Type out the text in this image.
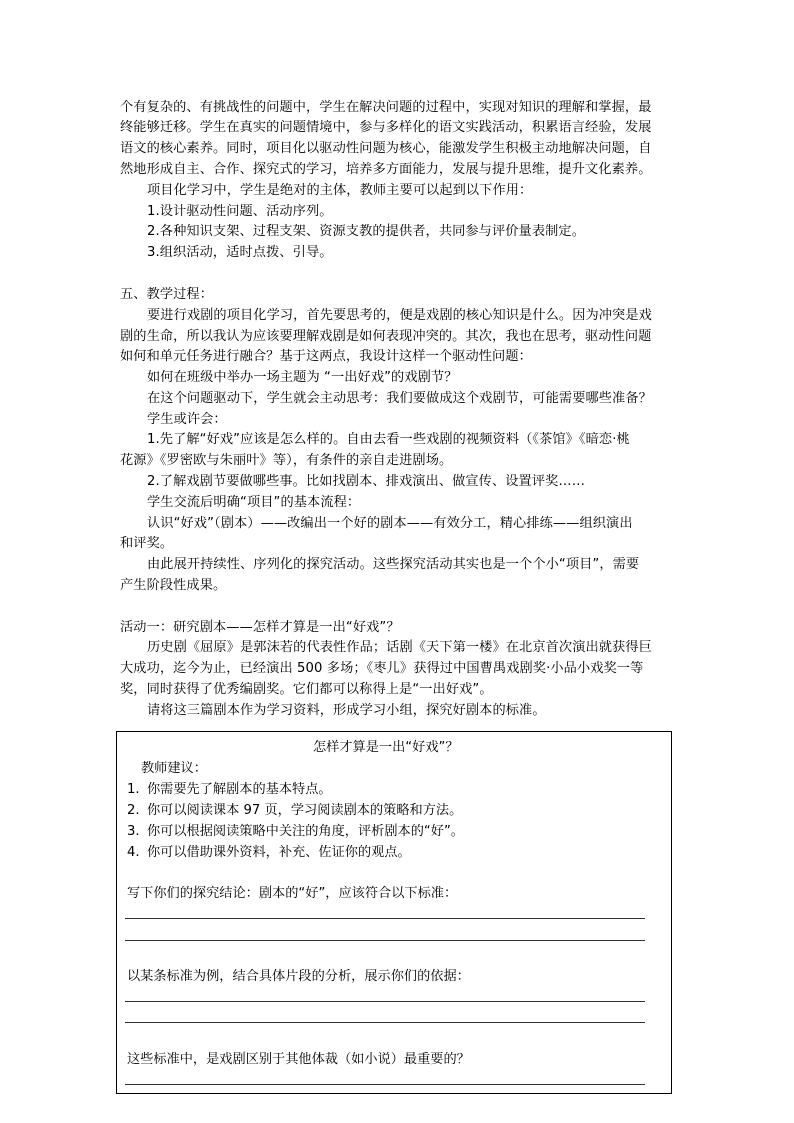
个有复杂的、有挑战性的问题中，学生在解决问题的过程中，实现对知识的理解和掌握，最
终能够迁移。学生在真实的问题情境中，参与多样化的语文实践活动，积累语言经验，发展
语文的核心素养。同时，项目化以驱动性问题为核心，能激发学生积极主动地解决问题，自
然地形成自主、合作、探究式的学习，培养多方面能力，发展与提升思维，提升文化素养。
项目化学习中，学生是绝对的主体，教师主要可以起到以下作用：
1.设计驱动性问题、活动序列。
2.各种知识支架、过程支架、资源支教的提供者，共同参与评价量表制定。
3.组织活动，适时点拨、引导。
五、教学过程：
要进行戏剧的项目化学习，首先要思考的，便是戏剧的核心知识是什么。因为冲突是戏
剧的生命，所以我认为应该要理解戏剧是如何表现冲突的。其次，我也在思考，驱动性问题
如何和单元任务进行融合？基于这两点，我设计这样一个驱动性问题：
如何在班级中举办一场主题为 “一出好戏”的戏剧节？
在这个问题驱动下，学生就会主动思考：我们要做成这个戏剧节，可能需要哪些准备？
学生或许会：
1.先了解“好戏”应该是怎么样的。自由去看一些戏剧的视频资料（《茶馆》《暗恋·桃
花源》《罗密欧与朱丽叶》等），有条件的亲自走进剧场。
2.了解戏剧节要做哪些事。比如找剧本、排戏演出、做宣传、设置评奖……
学生交流后明确“项目”的基本流程：
认识“好戏”（剧本）——改编出一个好的剧本——有效分工，精心排练——组织演出
和评奖。
由此展开持续性、序列化的探究活动。这些探究活动其实也是一个个小“项目”，需要
产生阶段性成果。
活动一：研究剧本——怎样才算是一出“好戏”？
历史剧《屈原》是郭沫若的代表性作品；话剧《天下第一楼》在北京首次演出就获得巨
大成功，迄今为止，已经演出 500 多场；《枣儿》获得过中国曹禺戏剧奖·小品小戏奖一等
奖，同时获得了优秀编剧奖。它们都可以称得上是“一出好戏”。
请将这三篇剧本作为学习资料，形成学习小组，探究好剧本的标准。
怎样才算是一出“好戏”？
教师建议：
1. 你需要先了解剧本的基本特点。
2. 你可以阅读课本 97 页，学习阅读剧本的策略和方法。
3. 你可以根据阅读策略中关注的角度，评析剧本的“好”。
4. 你可以借助课外资料，补充、佐证你的观点。
写下你们的探究结论：剧本的“好”，应该符合以下标准：
以某条标准为例，结合具体片段的分析，展示你们的依据：
这些标准中，是戏剧区别于其他体裁（如小说）最重要的？
